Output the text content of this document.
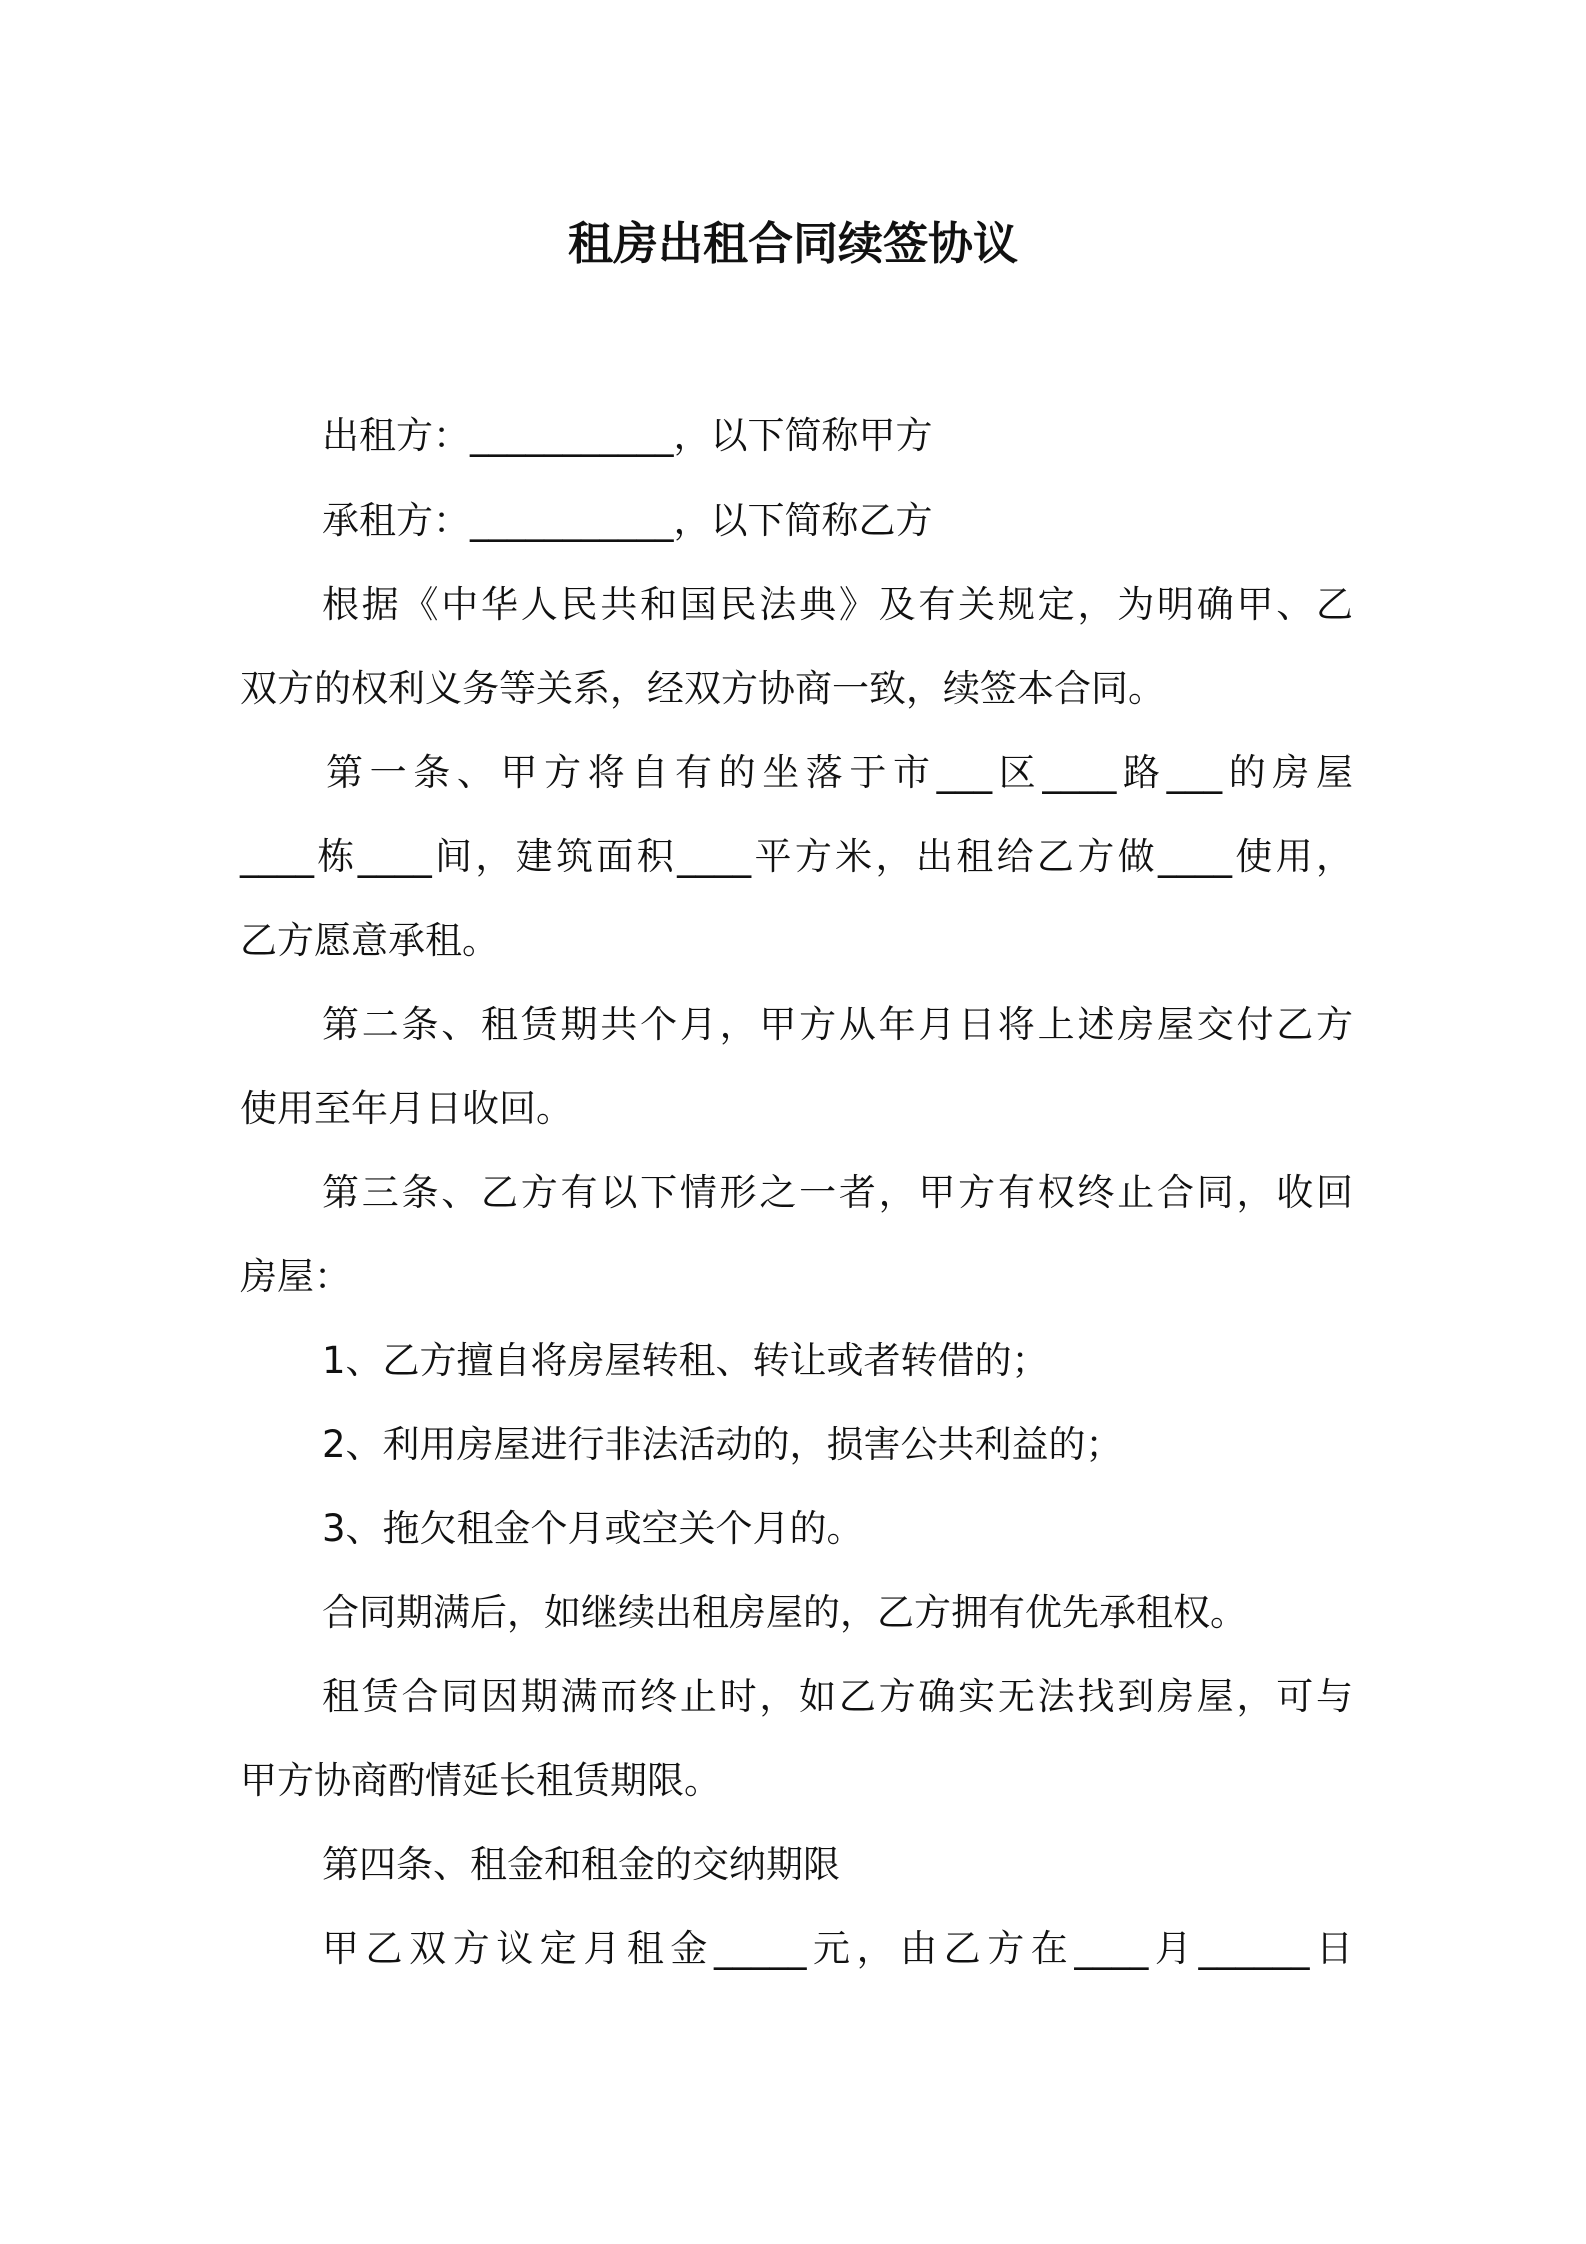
租房出租合同续签协议
出租方：___________，以下简称甲方
承租方：___________，以下简称乙方
根据《中华人民共和国民法典》及有关规定，为明确甲、乙
双方的权利义务等关系，经双方协商一致，续签本合同。
第一条、甲方将自有的坐落于市___区____路___的房屋
____栋____间，建筑面积____平方米，出租给乙方做____使用，
乙方愿意承租。
第二条、租赁期共个月，甲方从年月日将上述房屋交付乙方
使用至年月日收回。
第三条、乙方有以下情形之一者，甲方有权终止合同，收回
房屋：
1、乙方擅自将房屋转租、转让或者转借的；
2、利用房屋进行非法活动的，损害公共利益的；
3、拖欠租金个月或空关个月的。
合同期满后，如继续出租房屋的，乙方拥有优先承租权。
租赁合同因期满而终止时，如乙方确实无法找到房屋，可与
甲方协商酌情延长租赁期限。
第四条、租金和租金的交纳期限
甲乙双方议定月租金_____元，由乙方在____月______日
